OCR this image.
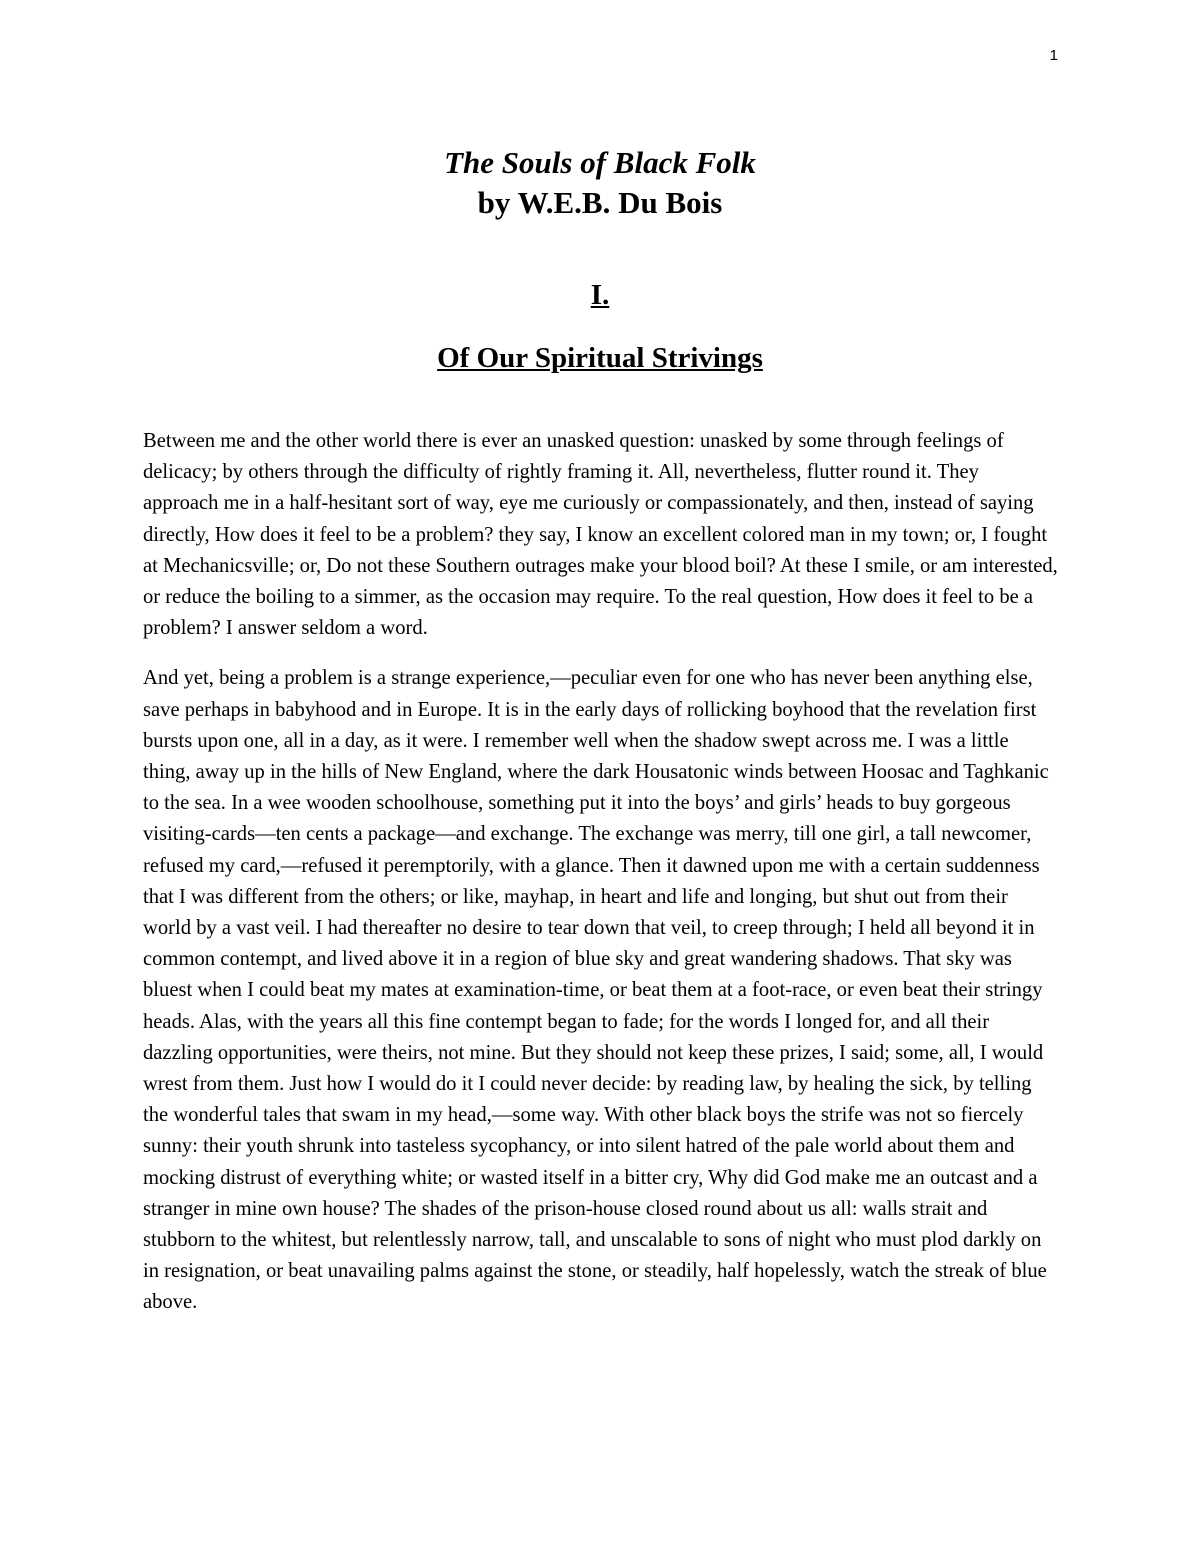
1
The Souls of Black Folk
by W.E.B. Du Bois
I.
Of Our Spiritual Strivings

Between me and the other world there is ever an unasked question: unasked by some through feelings of delicacy; by others through the difficulty of rightly framing it. All, nevertheless, flutter round it. They approach me in a half-hesitant sort of way, eye me curiously or compassionately, and then, instead of saying directly, How does it feel to be a problem? they say, I know an excellent colored man in my town; or, I fought at Mechanicsville; or, Do not these Southern outrages make your blood boil? At these I smile, or am interested, or reduce the boiling to a simmer, as the occasion may require. To the real question, How does it feel to be a problem? I answer seldom a word.

And yet, being a problem is a strange experience,—peculiar even for one who has never been anything else, save perhaps in babyhood and in Europe. It is in the early days of rollicking boyhood that the revelation first bursts upon one, all in a day, as it were. I remember well when the shadow swept across me. I was a little thing, away up in the hills of New England, where the dark Housatonic winds between Hoosac and Taghkanic to the sea. In a wee wooden schoolhouse, something put it into the boys’ and girls’ heads to buy gorgeous visiting-cards—ten cents a package—and exchange. The exchange was merry, till one girl, a tall newcomer, refused my card,—refused it peremptorily, with a glance. Then it dawned upon me with a certain suddenness that I was different from the others; or like, mayhap, in heart and life and longing, but shut out from their world by a vast veil. I had thereafter no desire to tear down that veil, to creep through; I held all beyond it in common contempt, and lived above it in a region of blue sky and great wandering shadows. That sky was bluest when I could beat my mates at examination-time, or beat them at a foot-race, or even beat their stringy heads. Alas, with the years all this fine contempt began to fade; for the words I longed for, and all their dazzling opportunities, were theirs, not mine. But they should not keep these prizes, I said; some, all, I would wrest from them. Just how I would do it I could never decide: by reading law, by healing the sick, by telling the wonderful tales that swam in my head,—some way. With other black boys the strife was not so fiercely sunny: their youth shrunk into tasteless sycophancy, or into silent hatred of the pale world about them and mocking distrust of everything white; or wasted itself in a bitter cry, Why did God make me an outcast and a stranger in mine own house? The shades of the prison-house closed round about us all: walls strait and stubborn to the whitest, but relentlessly narrow, tall, and unscalable to sons of night who must plod darkly on in resignation, or beat unavailing palms against the stone, or steadily, half hopelessly, watch the streak of blue above.
